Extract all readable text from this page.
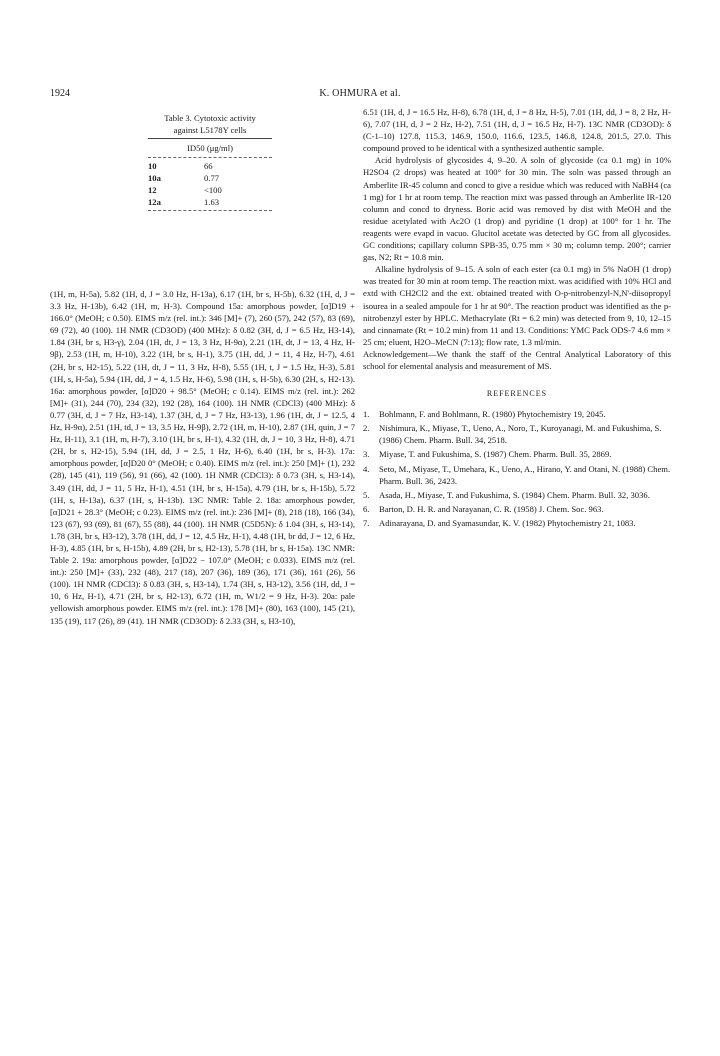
1924	K. OHMURA et al.
Table 3. Cytotoxic activity
against L5178Y cells
ID50 (μg/ml)
10	66
10a	0.77
12	<100
12a	1.63

(1H, m, H-5a), 5.82 (1H, d, J = 3.0 Hz, H-13a), 6.17 (1H, br s, H-5b), 6.32 (1H, d, J = 3.3 Hz, H-13b), 6.42 (1H, m, H-3). Compound 15a: amorphous powder, [α]D19 + 166.0° (MeOH; c 0.50). EIMS m/z (rel. int.): 346 [M]+ (7), 260 (57), 242 (57), 83 (69), 69 (72), 40 (100). 1H NMR (CD3OD) (400 MHz): δ 0.82 (3H, d, J = 6.5 Hz, H3-14), 1.84 (3H, br s, H3-γ), 2.04 (1H, dt, J = 13, 3 Hz, H-9α), 2.21 (1H, dt, J = 13, 4 Hz, H-9β), 2.53 (1H, m, H-10), 3.22 (1H, br s, H-1), 3.75 (1H, dd, J = 11, 4 Hz, H-7), 4.61 (2H, br s, H2-15), 5.22 (1H, dt, J = 11, 3 Hz, H-8), 5.55 (1H, t, J = 1.5 Hz, H-3), 5.81 (1H, s, H-5a), 5.94 (1H, dd, J = 4, 1.5 Hz, H-6), 5.98 (1H, s, H-5b), 6.30 (2H, s, H2-13). 16a: amorphous powder, [α]D20 + 98.5° (MeOH; c 0.14). EIMS m/z (rel. int.): 262 [M]+ (31), 244 (70), 234 (32), 192 (28), 164 (100). 1H NMR (CDCl3) (400 MHz): δ 0.77 (3H, d, J = 7 Hz, H3-14), 1.37 (3H, d, J = 7 Hz, H3-13), 1.96 (1H, dt, J = 12.5, 4 Hz, H-9α), 2.51 (1H, td, J = 13, 3.5 Hz, H-9β), 2.72 (1H, m, H-10), 2.87 (1H, quin, J = 7 Hz, H-11), 3.1 (1H, m, H-7), 3.10 (1H, br s, H-1), 4.32 (1H, dt, J = 10, 3 Hz, H-8), 4.71 (2H, br s, H2-15), 5.94 (1H, dd, J = 2.5, 1 Hz, H-6), 6.40 (1H, br s, H-3). 17a: amorphous powder, [α]D20 0° (MeOH; c 0.40). EIMS m/z (rel. int.): 250 [M]+ (1), 232 (28), 145 (41), 119 (56), 91 (66), 42 (100). 1H NMR (CDCl3): δ 0.73 (3H, s, H3-14), 3.49 (1H, dd, J = 11, 5 Hz, H-1), 4.51 (1H, br s, H-15a), 4.79 (1H, br s, H-15b), 5.72 (1H, s, H-13a), 6.37 (1H, s, H-13b). 13C NMR: Table 2. 18a: amorphous powder, [α]D21 + 28.3° (MeOH; c 0.23). EIMS m/z (rel. int.): 236 [M]+ (8), 218 (18), 166 (34), 123 (67), 93 (69), 81 (67), 55 (88), 44 (100). 1H NMR (C5D5N): δ 1.04 (3H, s, H3-14), 1.78 (3H, br s, H3-12), 3.78 (1H, dd, J = 12, 4.5 Hz, H-1), 4.48 (1H, br dd, J = 12, 6 Hz, H-3), 4.85 (1H, br s, H-15b), 4.89 (2H, br s, H2-13), 5.78 (1H, br s, H-15a). 13C NMR: Table 2. 19a: amorphous powder, [α]D22 − 107.0° (MeOH; c 0.033). EIMS m/z (rel. int.): 250 [M]+ (33), 232 (48), 217 (18), 207 (36), 189 (36), 171 (36), 161 (26), 56 (100). 1H NMR (CDCl3): δ 0.83 (3H, s, H3-14), 1.74 (3H, s, H3-12), 3.56 (1H, dd, J = 10, 6 Hz, H-1), 4.71 (2H, br s, H2-13), 6.72 (1H, m, W1/2 = 9 Hz, H-3). 20a: pale yellowish amorphous powder. EIMS m/z (rel. int.): 178 [M]+ (80), 163 (100), 145 (21), 135 (19), 117 (26), 89 (41). 1H NMR (CD3OD): δ 2.33 (3H, s, H3-10),

6.51 (1H, d, J = 16.5 Hz, H-8), 6.78 (1H, d, J = 8 Hz, H-5), 7.01 (1H, dd, J = 8, 2 Hz, H-6), 7.07 (1H, d, J = 2 Hz, H-2), 7.51 (1H, d, J = 16.5 Hz, H-7). 13C NMR (CD3OD): δ (C-1–10) 127.8, 115.3, 146.9, 150.0, 116.6, 123.5, 146.8, 124.8, 201.5, 27.0. This compound proved to be identical with a synthesized authentic sample.

Acid hydrolysis of glycosides 4, 9–20. A soln of glycoside (ca 0.1 mg) in 10% H2SO4 (2 drops) was heated at 100° for 30 min. The soln was passed through an Amberlite IR-45 column and concd to give a residue which was reduced with NaBH4 (ca 1 mg) for 1 hr at room temp. The reaction mixt was passed through an Amberlite IR-120 column and concd to dryness. Boric acid was removed by dist with MeOH and the residue acetylated with Ac2O (1 drop) and pyridine (1 drop) at 100° for 1 hr. The reagents were evapd in vacuo. Glucitol acetate was detected by GC from all glycosides. GC conditions; capillary column SPB-35, 0.75 mm × 30 m; column temp. 200°; carrier gas, N2; Rt = 10.8 min.

Alkaline hydrolysis of 9–15. A soln of each ester (ca 0.1 mg) in 5% NaOH (1 drop) was treated for 30 min at room temp. The reaction mixt. was acidified with 10% HCl and extd with CH2Cl2 and the ext. obtained treated with O-p-nitrobenzyl-N,N'-diisopropyl isourea in a sealed ampoule for 1 hr at 90°. The reaction product was identified as the p-nitrobenzyl ester by HPLC. Methacrylate (Rt = 6.2 min) was detected from 9, 10, 12–15 and cinnamate (Rt = 10.2 min) from 11 and 13. Conditions: YMC Pack ODS-7 4.6 mm × 25 cm; eluent, H2O–MeCN (7:13); flow rate, 1.3 ml/min.

Acknowledgement—We thank the staff of the Central Analytical Laboratory of this school for elemental analysis and measurement of MS.

REFERENCES
1.	Bohlmann, F. and Bohlmann, R. (1980) Phytochemistry 19, 2045.
2.	Nishimura, K., Miyase, T., Ueno, A., Noro, T., Kuroyanagi, M. and Fukushima, S. (1986) Chem. Pharm. Bull. 34, 2518.
3.	Miyase, T. and Fukushima, S. (1987) Chem. Pharm. Bull. 35, 2869.
4.	Seto, M., Miyase, T., Umehara, K., Ueno, A., Hirano, Y. and Otani, N. (1988) Chem. Pharm. Bull. 36, 2423.
5.	Asada, H., Miyase, T. and Fukushima, S. (1984) Chem. Pharm. Bull. 32, 3036.
6.	Barton, D. H. R. and Narayanan, C. R. (1958) J. Chem. Soc. 963.
7.	Adinarayana, D. and Syamasundar, K. V. (1982) Phytochemistry 21, 1083.
